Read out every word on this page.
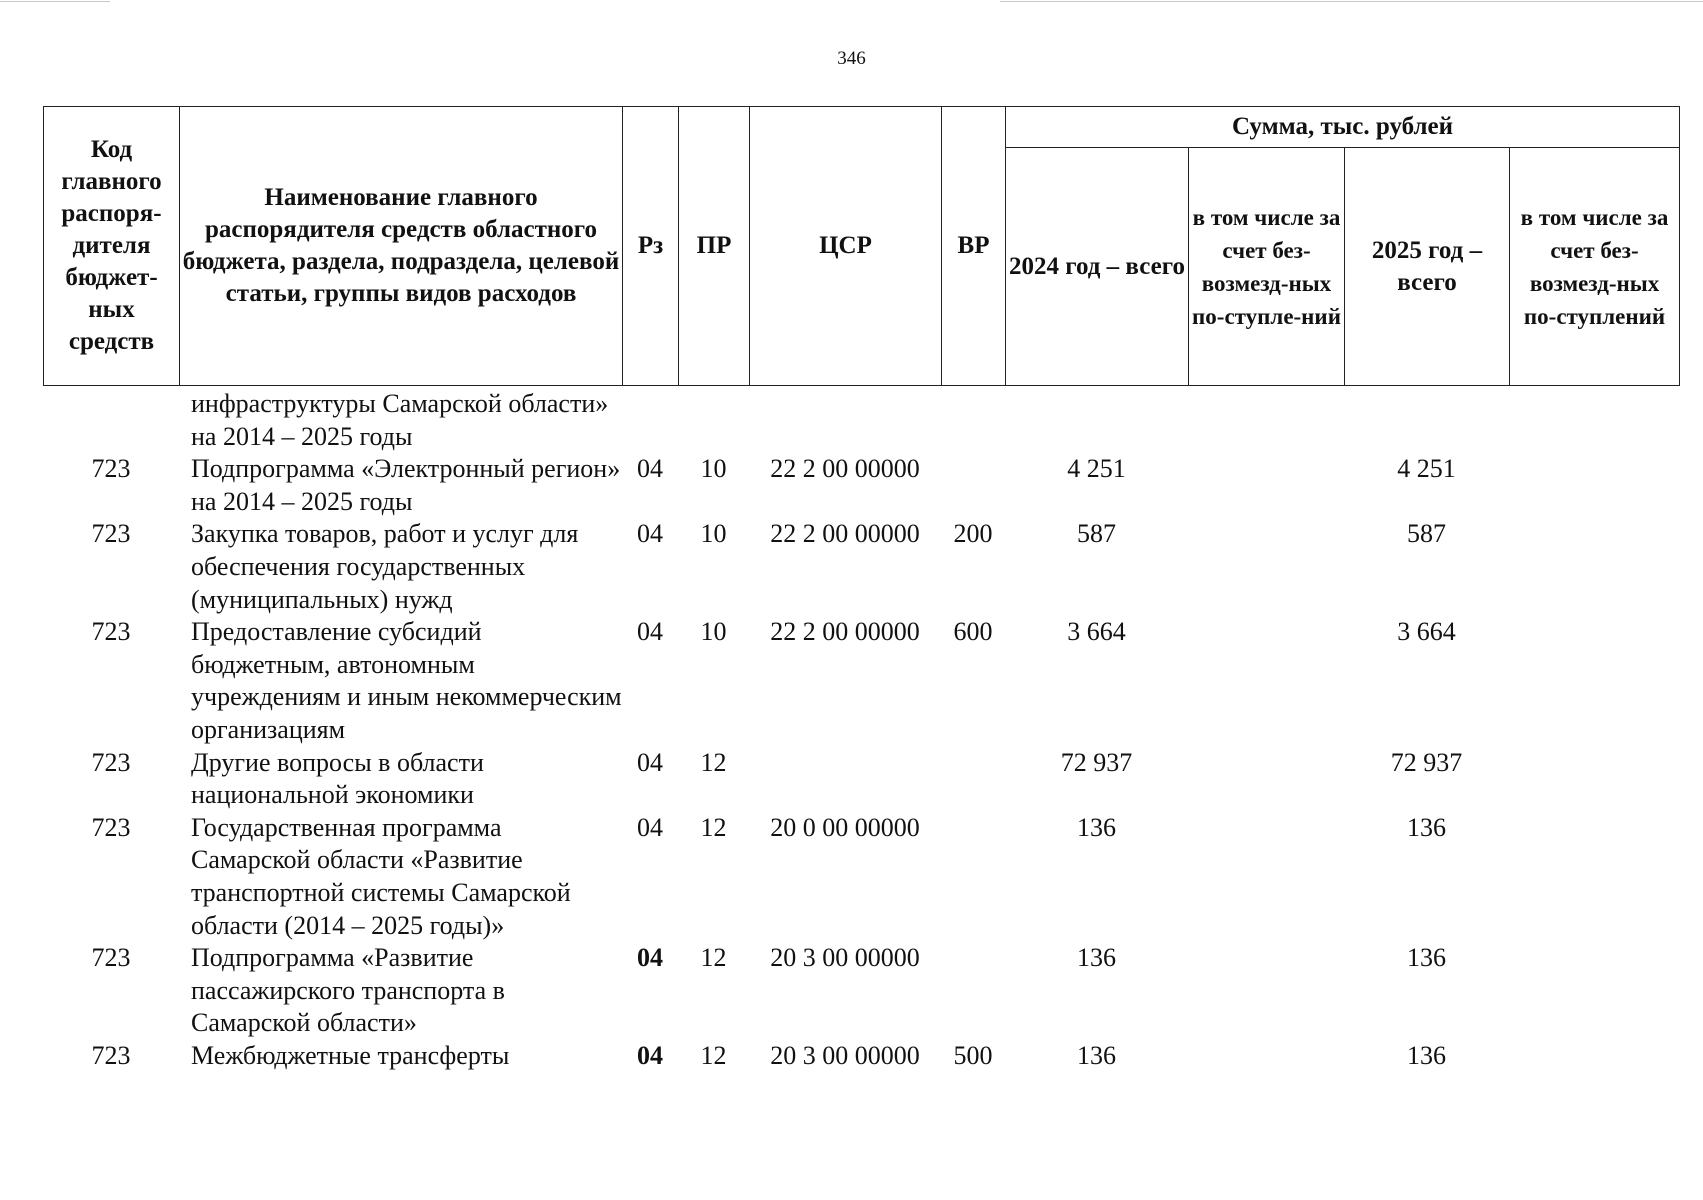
346
Код главного распоря-дителя бюджет-ных средств	Наименование главного распорядителя средств областного бюджета, раздела, подраздела, целевой статьи, группы видов расходов	Рз	ПР	ЦСР	ВР	Сумма, тыс. рублей			
						2024 год – всего	в том числе за счет без-возмезд-ных по-ступле-ний	2025 год – всего	в том числе за счет без-возмезд-ных по-ступлений
	инфраструктуры Самарской области» на 2014 – 2025 годы								
723	Подпрограмма «Электронный регион» на 2014 – 2025 годы	04	10	22 2 00 00000		4 251		4 251	
723	Закупка товаров, работ и услуг для обеспечения государственных (муниципальных) нужд	04	10	22 2 00 00000	200	587		587	
723	Предоставление субсидий бюджетным, автономным учреждениям и иным некоммерческим организациям	04	10	22 2 00 00000	600	3 664		3 664	
723	Другие вопросы в области национальной экономики	04	12			72 937		72 937	
723	Государственная программа Самарской области «Развитие транспортной системы Самарской области (2014 – 2025 годы)»	04	12	20 0 00 00000		136		136	
723	Подпрограмма «Развитие пассажирского транспорта в Самарской области»	04	12	20 3 00 00000		136		136	
723	Межбюджетные трансферты	04	12	20 3 00 00000	500	136		136	
